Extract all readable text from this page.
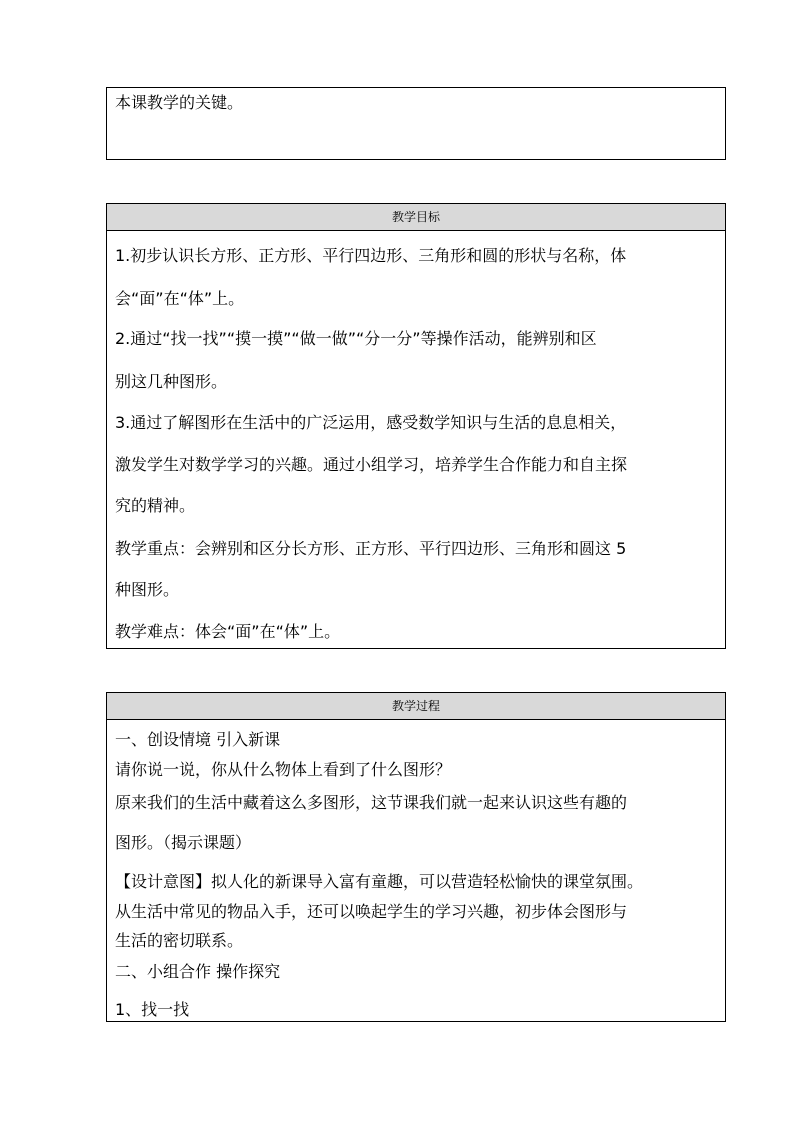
本课教学的关键。

教学目标

1.初步认识长方形、正方形、平行四边形、三角形和圆的形状与名称，体

会“面”在“体”上。

2.通过“找一找”“摸一摸”“做一做”“分一分”等操作活动，能辨别和区

别这几种图形。

3.通过了解图形在生活中的广泛运用，感受数学知识与生活的息息相关，

激发学生对数学学习的兴趣。通过小组学习，培养学生合作能力和自主探

究的精神。

教学重点：会辨别和区分长方形、正方形、平行四边形、三角形和圆这 5

种图形。

教学难点：体会“面”在“体”上。

教学过程

一、创设情境 引入新课

请你说一说，你从什么物体上看到了什么图形？

原来我们的生活中藏着这么多图形，这节课我们就一起来认识这些有趣的

图形。（揭示课题）

【设计意图】拟人化的新课导入富有童趣，可以营造轻松愉快的课堂氛围。
从生活中常见的物品入手，还可以唤起学生的学习兴趣，初步体会图形与
生活的密切联系。

二、小组合作 操作探究

1、找一找
